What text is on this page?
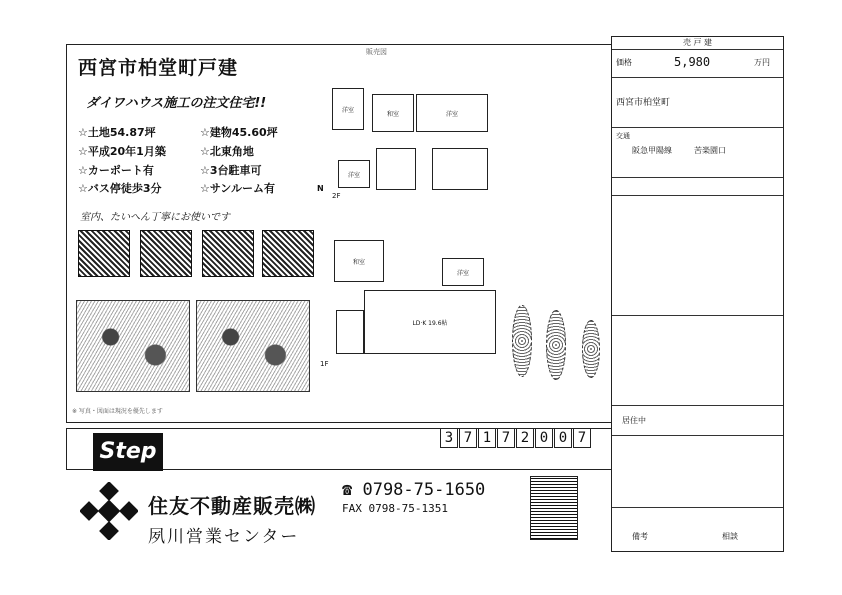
販売図
西宮市柏堂町戸建
ダイワハウス施工の注文住宅!!
☆土地54.87坪	☆建物45.60坪
☆平成20年1月築	☆北東角地
☆カーポート有	☆3台駐車可
☆バス停徒歩3分	☆サンルーム有
室内、たいへん丁寧にお使いです
洋室
和室	洋室
洋室
2F
N
和室
洋室
LD·K 19.6帖
1F
※ 写真・図面は現況を優先します
Step
3 7 1 7 2 0 0 7
住友不動産販売㈱
夙川営業センター
☎ 0798-75-1650
FAX 0798-75-1351
売 戸 建
価格	5,980	万円
西宮市柏堂町
交通
阪急甲陽線	苦楽園口
居住中
備考	相談
